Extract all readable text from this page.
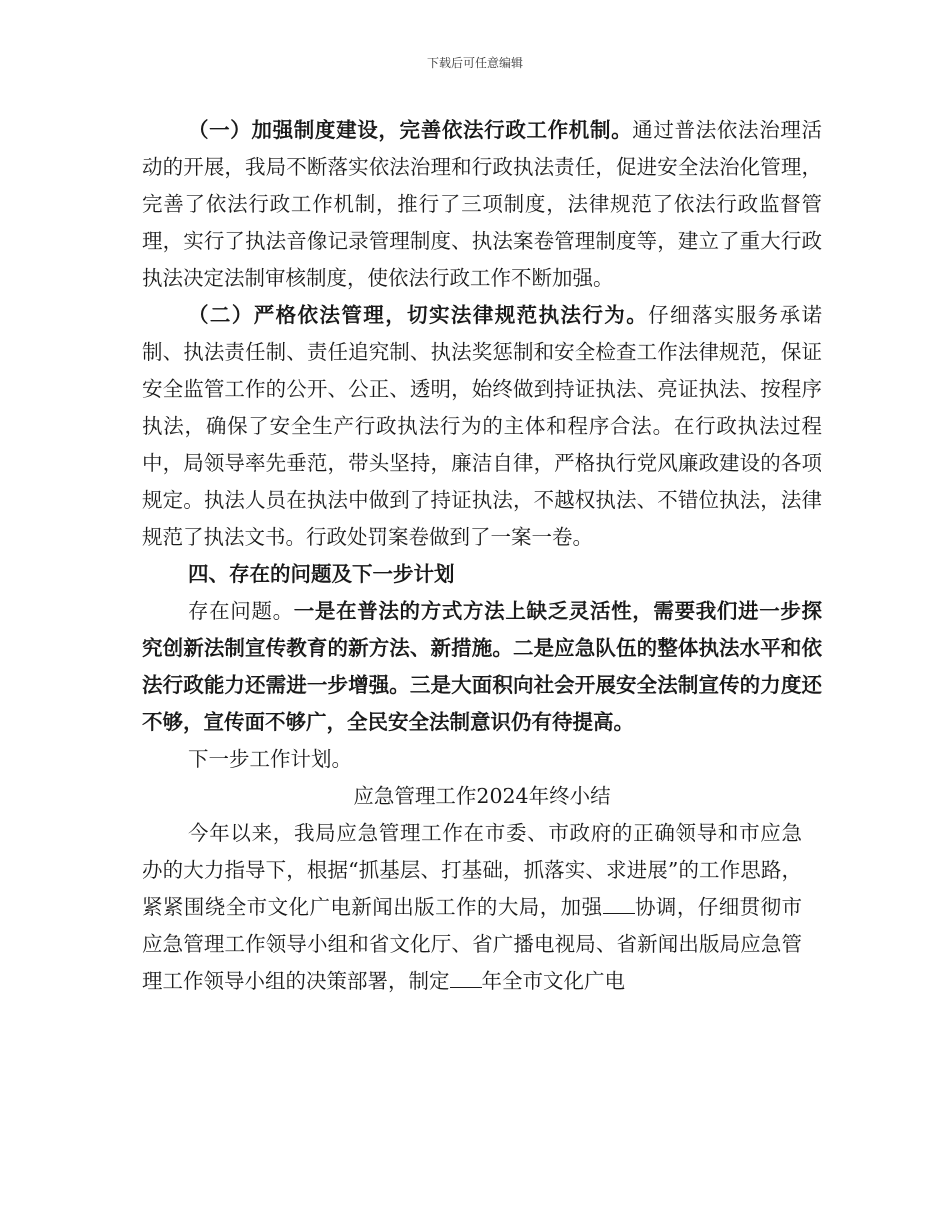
下载后可任意编辑

（一）加强制度建设，完善依法行政工作机制。通过普法依法治理活动的开展，我局不断落实依法治理和行政执法责任，促进安全法治化管理，完善了依法行政工作机制，推行了三项制度，法律规范了依法行政监督管理，实行了执法音像记录管理制度、执法案卷管理制度等，建立了重大行政执法决定法制审核制度，使依法行政工作不断加强。

（二）严格依法管理，切实法律规范执法行为。仔细落实服务承诺制、执法责任制、责任追究制、执法奖惩制和安全检查工作法律规范，保证安全监管工作的公开、公正、透明，始终做到持证执法、亮证执法、按程序执法，确保了安全生产行政执法行为的主体和程序合法。在行政执法过程中，局领导率先垂范，带头坚持，廉洁自律，严格执行党风廉政建设的各项规定。执法人员在执法中做到了持证执法，不越权执法、不错位执法，法律规范了执法文书。行政处罚案卷做到了一案一卷。

四、存在的问题及下一步计划

存在问题。一是在普法的方式方法上缺乏灵活性，需要我们进一步探究创新法制宣传教育的新方法、新措施。二是应急队伍的整体执法水平和依法行政能力还需进一步增强。三是大面积向社会开展安全法制宣传的力度还不够，宣传面不够广，全民安全法制意识仍有待提高。

下一步工作计划。

应急管理工作2024年终小结

今年以来，我局应急管理工作在市委、市政府的正确领导和市应急办的大力指导下，根据“抓基层、打基础，抓落实、求进展”的工作思路，紧紧围绕全市文化广电新闻出版工作的大局，加强 协调，仔细贯彻市应急管理工作领导小组和省文化厅、省广播电视局、省新闻出版局应急管理工作领导小组的决策部署，制定 年全市文化广电
